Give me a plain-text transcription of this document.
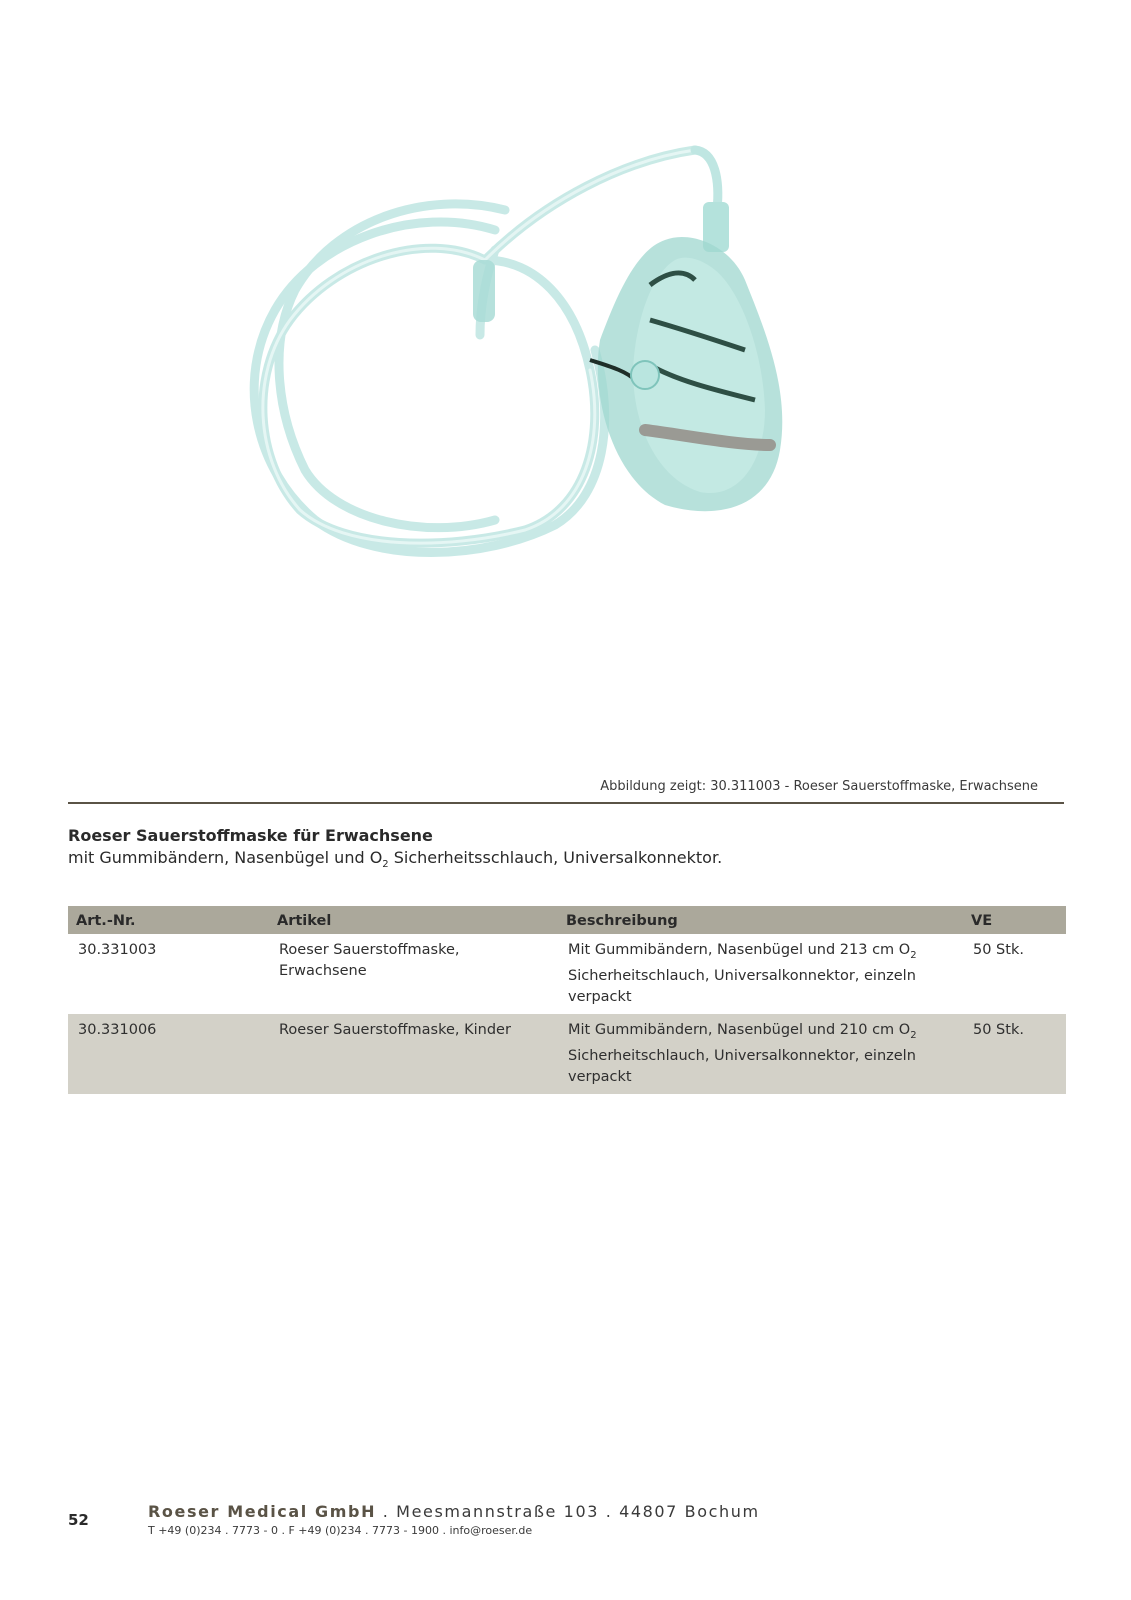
Abbildung zeigt: 30.311003 - Roeser Sauerstoffmaske, Erwachsene
Roeser Sauerstoffmaske für Erwachsene
mit Gummibändern, Nasenbügel und $O_2$ Sicherheitsschlauch, Universalkonnektor.
Art.-Nr.	Artikel	Beschreibung	VE
30.331003	Roeser Sauerstoffmaske, Erwachsene	Mit Gummibändern, Nasenbügel und 213 cm $O_2$
Sicherheitschlauch, Universalkonnektor, einzeln
verpackt	50 Stk.
30.331006	Roeser Sauerstoffmaske, Kinder	Mit Gummibändern, Nasenbügel und 210 cm $O_2$
Sicherheitschlauch, Universalkonnektor, einzeln
verpackt	50 Stk.
52	Roeser Medical GmbH . Meesmannstraße 103 . 44807 Bochum
T +49 (0)234 . 7773 - 0 . F +49 (0)234 . 7773 - 1900 . info@roeser.de
